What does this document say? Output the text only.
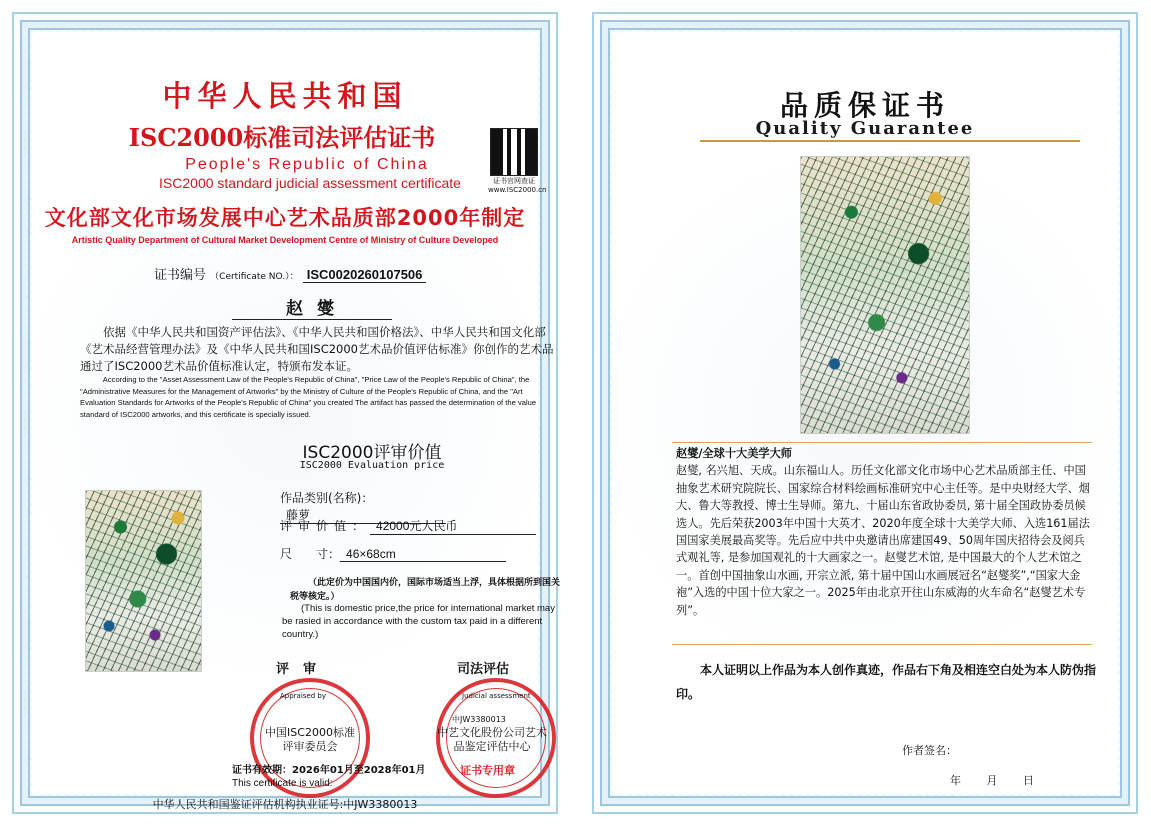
中华人民共和国
ISC2000标准司法评估证书
People's Republic of China
ISC2000 standard judicial assessment certificate	证书官网查证
www.ISC2000.cn
文化部文化市场发展中心艺术品质部2000年制定
Artistic Quality Department of Cultural Market Development Centre of Ministry of Culture Developed
证书编号 （Certificate NO.）： ISC0020260107506
赵 燮
依据《中华人民共和国资产评估法》、《中华人民共和国价格法》、中华人民共和国文化部《艺术品经营管理办法》及《中华人民共和国ISC2000艺术品价值评估标准》你创作的艺术品通过了ISC2000艺术品价值标准认定，特颁布发本证。
According to the "Asset Assessment Law of the People's Republic of China", "Price Law of the People's Republic of China", the "Administrative Measures for the Management of Artworks" by the Ministry of Culture of the People's Republic of China, and the "Art Evaluation Standards for Artworks of the People's Republic of China" you created The artifact has passed the determination of the value standard of ISC2000 artworks, and this certificate is specially issued.
ISC2000评审价值
ISC2000 Evaluation price
作品类别(名称)：藤萝
评审价值： 42000元人民币
尺　　寸： 46×68cm
（此定价为中国国内价，国际市场适当上浮，具体根据所到国关税等核定。）
(This is domestic price,the price for international market may be rasied in accordance with the custom tax paid in a different country.)
评审	司法评估
Appraised by
中国ISC2000标准评审委员会
Judicial assessment
中JW3380013
中艺文化股份公司艺术品鉴定评估中心
证书专用章
证书有效期：2026年01月至2028年01月
This certificate is valid:
中华人民共和国鉴证评估机构执业证号:中JW3380013
品质保证书
Quality Guarantee
赵燮/全球十大美学大师
赵燮, 名兴旭、天成。山东福山人。历任文化部文化市场中心艺术品质部主任、中国抽象艺术研究院院长、国家综合材料绘画标准研究中心主任等。是中央财经大学、烟大、鲁大等教授、博士生导师。第九、十届山东省政协委员, 第十届全国政协委员候选人。先后荣获2003年中国十大英才、2020年度全球十大美学大师、入选161届法国国家美展最高奖等。先后应中共中央邀请出席建国49、50周年国庆招待会及阅兵式观礼等, 是参加国观礼的十大画家之一。赵燮艺术馆, 是中国最大的个人艺术馆之一。首创中国抽象山水画, 开宗立派, 第十届中国山水画展冠名“赵燮奖”,“国家大金袍”入选的中国十位大家之一。2025年由北京开往山东威海的火车命名“赵燮艺术专列”。
本人证明以上作品为本人创作真迹，作品右下角及相连空白处为本人防伪指印。
作者签名：
年 月 日
